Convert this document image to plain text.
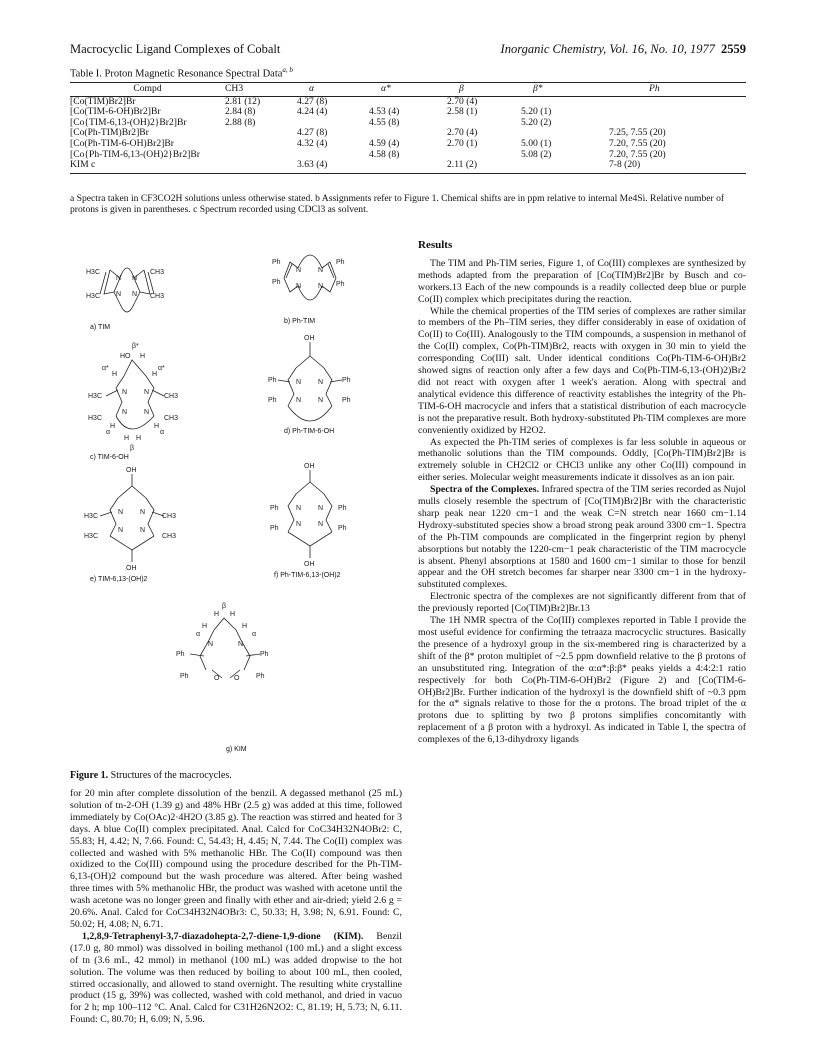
Macrocyclic Ligand Complexes of Cobalt	Inorganic Chemistry, Vol. 16, No. 10, 1977 2559
Table I. Proton Magnetic Resonance Spectral Data$^{a, b}$
Compd	CH3	α	α*	β	β*	Ph
[Co(TIM)Br2]Br	2.81 (12)	4.27 (8)		2.70 (4)		
[Co(TIM-6-OH)Br2]Br	2.84 (8)	4.24 (4)	4.53 (4)	2.58 (1)	5.20 (1)	
[Co{TIM-6,13-(OH)2}Br2]Br	2.88 (8)		4.55 (8)		5.20 (2)	
[Co(Ph-TIM)Br2]Br		4.27 (8)		2.70 (4)		7.25, 7.55 (20)
[Co(Ph-TIM-6-OH)Br2]Br		4.32 (4)	4.59 (4)	2.70 (1)	5.00 (1)	7.20, 7.55 (20)
[Co{Ph-TIM-6,13-(OH)2}Br2]Br			4.58 (8)		5.08 (2)	7.20, 7.55 (20)
KIM c		3.63 (4)		2.11 (2)		7-8 (20)
a Spectra taken in CF3CO2H solutions unless otherwise stated. b Assignments refer to Figure 1. Chemical shifts are in ppm relative to internal Me4Si. Relative number of protons is given in parentheses. c Spectrum recorded using CDCl3 as solvent.
H3C
H3C
CH3
CH3
N N
N N
a) TIM
Ph
Ph
Ph
Ph
N N
N N
b) Ph-TIM
β*
HO H
α*	α*
H	H
H3C
H3C
CH3
CH3
N N
N N
H	H
α	α
H H
β
c) TIM-6-OH
OH
Ph
Ph
Ph
Ph
N N
N N
d) Ph-TIM-6-OH
OH
H3C
H3C
CH3
CH3
N N
N N
OH
e) TIM-6,13-(OH)2
OH
Ph
Ph
Ph
Ph
N N
N N
OH
f) Ph-TIM-6,13-(OH)2
β
H H
H	H
α	α
N	N
Ph	Ph
Ph	O O Ph
g) KIM
Figure 1. Structures of the macrocycles.

for 20 min after complete dissolution of the benzil. A degassed methanol (25 mL) solution of tn-2-OH (1.39 g) and 48% HBr (2.5 g) was added at this time, followed immediately by Co(OAc)2·4H2O (3.85 g). The reaction was stirred and heated for 3 days. A blue Co(II) complex precipitated. Anal. Calcd for CoC34H32N4OBr2: C, 55.83; H, 4.42; N, 7.66. Found: C, 54.43; H, 4.45; N, 7.44. The Co(II) complex was collected and washed with 5% methanolic HBr. The Co(II) compound was then oxidized to the Co(III) compound using the procedure described for the Ph-TIM-6,13-(OH)2 compound but the wash procedure was altered. After being washed three times with 5% methanolic HBr, the product was washed with acetone until the wash acetone was no longer green and finally with ether and air-dried; yield 2.6 g = 20.6%. Anal. Calcd for CoC34H32N4OBr3: C, 50.33; H, 3.98; N, 6.91. Found: C, 50.02; H, 4.08; N, 6.71.

1,2,8,9-Tetraphenyl-3,7-diazadohepta-2,7-diene-1,9-dione (KIM). Benzil (17.0 g, 80 mmol) was dissolved in boiling methanol (100 mL) and a slight excess of tn (3.6 mL, 42 mmol) in methanol (100 mL) was added dropwise to the hot solution. The volume was then reduced by boiling to about 100 mL, then cooled, stirred occasionally, and allowed to stand overnight. The resulting white crystalline product (15 g, 39%) was collected, washed with cold methanol, and dried in vacuo for 2 h; mp 100–112 °C. Anal. Calcd for C31H26N2O2: C, 81.19; H, 5.73; N, 6.11. Found: C, 80.70; H, 6.09; N, 5.96.

Results

The TIM and Ph-TIM series, Figure 1, of Co(III) complexes are synthesized by methods adapted from the preparation of [Co(TIM)Br2]Br by Busch and co-workers.13 Each of the new compounds is a readily collected deep blue or purple Co(II) complex which precipitates during the reaction.

While the chemical properties of the TIM series of complexes are rather similar to members of the Ph–TIM series, they differ considerably in ease of oxidation of Co(II) to Co(III). Analogously to the TIM compounds, a suspension in methanol of the Co(II) complex, Co(Ph-TIM)Br2, reacts with oxygen in 30 min to yield the corresponding Co(III) salt. Under identical conditions Co(Ph-TIM-6-OH)Br2 showed signs of reaction only after a few days and Co(Ph-TIM-6,13-(OH)2)Br2 did not react with oxygen after 1 week's aeration. Along with spectral and analytical evidence this difference of reactivity establishes the integrity of the Ph-TIM-6-OH macrocycle and infers that a statistical distribution of each macrocycle is not the preparative result. Both hydroxy-substituted Ph-TIM complexes are more conveniently oxidized by H2O2.

As expected the Ph-TIM series of complexes is far less soluble in aqueous or methanolic solutions than the TIM compounds. Oddly, [Co(Ph-TIM)Br2]Br is extremely soluble in CH2Cl2 or CHCl3 unlike any other Co(III) compound in either series. Molecular weight measurements indicate it dissolves as an ion pair.

Spectra of the Complexes. Infrared spectra of the TIM series recorded as Nujol mulls closely resemble the spectrum of [Co(TIM)Br2]Br with the characteristic sharp peak near 1220 cm−1 and the weak C=N stretch near 1660 cm−1.14 Hydroxy-substituted species show a broad strong peak around 3300 cm−1. Spectra of the Ph-TIM compounds are complicated in the fingerprint region by phenyl absorptions but notably the 1220-cm−1 peak characteristic of the TIM macrocycle is absent. Phenyl absorptions at 1580 and 1600 cm−1 similar to those for benzil appear and the OH stretch becomes far sharper near 3300 cm−1 in the hydroxy-substituted complexes.

Electronic spectra of the complexes are not significantly different from that of the previously reported [Co(TIM)Br2]Br.13

The 1H NMR spectra of the Co(III) complexes reported in Table I provide the most useful evidence for confirming the tetraaza macrocyclic structures. Basically the presence of a hydroxyl group in the six-membered ring is characterized by a shift of the β* proton multiplet of ~2.5 ppm downfield relative to the β protons of an unsubstituted ring. Integration of the α:α*:β:β* peaks yields a 4:4:2:1 ratio respectively for both Co(Ph-TIM-6-OH)Br2 (Figure 2) and [Co(TIM-6-OH)Br2]Br. Further indication of the hydroxyl is the downfield shift of ~0.3 ppm for the α* signals relative to those for the α protons. The broad triplet of the α protons due to splitting by two β protons simplifies concomitantly with replacement of a β proton with a hydroxyl. As indicated in Table I, the spectra of complexes of the 6,13-dihydroxy ligands
